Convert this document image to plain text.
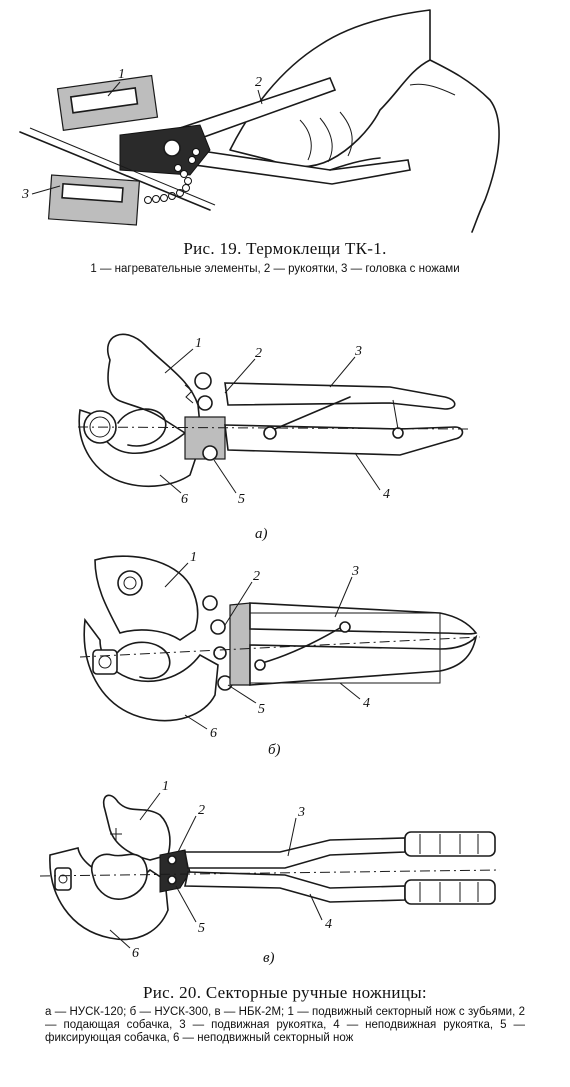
1
2
3
Рис. 19. Термоклещи ТК-1.
1 — нагревательные элементы, 2 — рукоятки, 3 — головка с ножами
1
2	3
4
5
6
а)
1
2	3
4
5
6
б)
1
2	3
4
5
6	в)
Рис. 20. Секторные ручные ножницы:
а — НУСК-120; б — НУСК-300, в — НБК-2М; 1 — подвижный секторный нож с зубьями, 2 — подающая собачка, 3 — подвижная рукоятка, 4 — неподвижная рукоятка, 5 — фиксирующая собачка, 6 — неподвижный секторный нож
